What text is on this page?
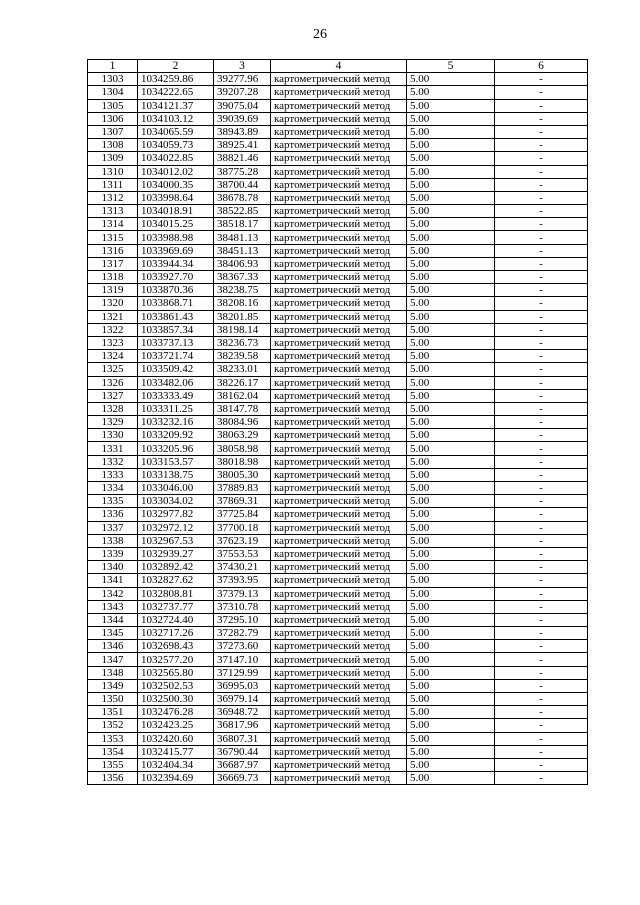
26
1	2	3	4	5	6
1303	1034259.86	39277.96	картометрический метод	5.00	-
1304	1034222.65	39207.28	картометрический метод	5.00	-
1305	1034121.37	39075.04	картометрический метод	5.00	-
1306	1034103.12	39039.69	картометрический метод	5.00	-
1307	1034065.59	38943.89	картометрический метод	5.00	-
1308	1034059.73	38925.41	картометрический метод	5.00	-
1309	1034022.85	38821.46	картометрический метод	5.00	-
1310	1034012.02	38775.28	картометрический метод	5.00	-
1311	1034000.35	38700.44	картометрический метод	5.00	-
1312	1033998.64	38678.78	картометрический метод	5.00	-
1313	1034018.91	38522.85	картометрический метод	5.00	-
1314	1034015.25	38518.17	картометрический метод	5.00	-
1315	1033988.98	38481.13	картометрический метод	5.00	-
1316	1033969.69	38451.13	картометрический метод	5.00	-
1317	1033944.34	38406.93	картометрический метод	5.00	-
1318	1033927.70	38367.33	картометрический метод	5.00	-
1319	1033870.36	38238.75	картометрический метод	5.00	-
1320	1033868.71	38208.16	картометрический метод	5.00	-
1321	1033861.43	38201.85	картометрический метод	5.00	-
1322	1033857.34	38198.14	картометрический метод	5.00	-
1323	1033737.13	38236.73	картометрический метод	5.00	-
1324	1033721.74	38239.58	картометрический метод	5.00	-
1325	1033509.42	38233.01	картометрический метод	5.00	-
1326	1033482.06	38226.17	картометрический метод	5.00	-
1327	1033333.49	38162.04	картометрический метод	5.00	-
1328	1033311.25	38147.78	картометрический метод	5.00	-
1329	1033232.16	38084.96	картометрический метод	5.00	-
1330	1033209.92	38063.29	картометрический метод	5.00	-
1331	1033205.96	38058.98	картометрический метод	5.00	-
1332	1033153.57	38018.98	картометрический метод	5.00	-
1333	1033138.75	38005.30	картометрический метод	5.00	-
1334	1033046.00	37889.83	картометрический метод	5.00	-
1335	1033034.02	37869.31	картометрический метод	5.00	-
1336	1032977.82	37725.84	картометрический метод	5.00	-
1337	1032972.12	37700.18	картометрический метод	5.00	-
1338	1032967.53	37623.19	картометрический метод	5.00	-
1339	1032939.27	37553.53	картометрический метод	5.00	-
1340	1032892.42	37430.21	картометрический метод	5.00	-
1341	1032827.62	37393.95	картометрический метод	5.00	-
1342	1032808.81	37379.13	картометрический метод	5.00	-
1343	1032737.77	37310.78	картометрический метод	5.00	-
1344	1032724.40	37295.10	картометрический метод	5.00	-
1345	1032717.26	37282.79	картометрический метод	5.00	-
1346	1032698.43	37273.60	картометрический метод	5.00	-
1347	1032577.20	37147.10	картометрический метод	5.00	-
1348	1032565.80	37129.99	картометрический метод	5.00	-
1349	1032502.53	36995.03	картометрический метод	5.00	-
1350	1032500.30	36979.14	картометрический метод	5.00	-
1351	1032476.28	36948.72	картометрический метод	5.00	-
1352	1032423.25	36817.96	картометрический метод	5.00	-
1353	1032420.60	36807.31	картометрический метод	5.00	-
1354	1032415.77	36790.44	картометрический метод	5.00	-
1355	1032404.34	36687.97	картометрический метод	5.00	-
1356	1032394.69	36669.73	картометрический метод	5.00	-
